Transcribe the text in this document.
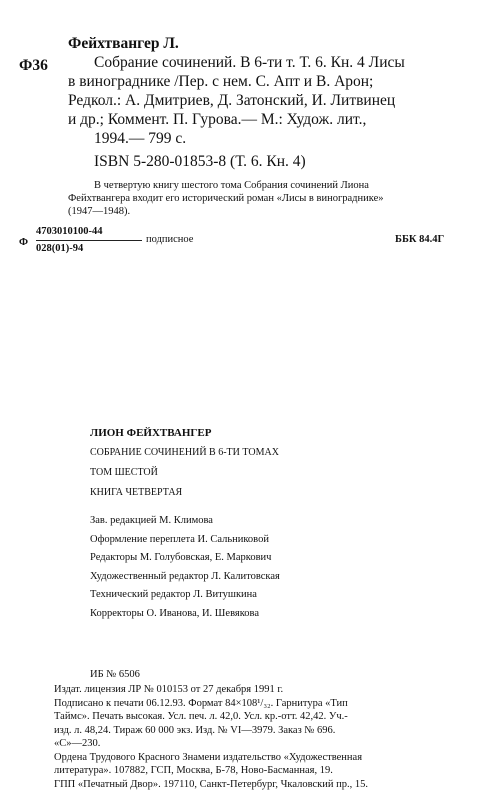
Фейхтвангер Л.
Ф36	Собрание сочинений. В 6-ти т. Т. 6. Кн. 4 Лисы
в винограднике /Пер. с нем. С. Апт и В. Арон;
Редкол.: А. Дмитриев, Д. Затонский, И. Литвинец
и др.; Коммент. П. Гурова.— М.: Худож. лит.,
1994.— 799 с.
ISBN 5-280-01853-8 (Т. 6. Кн. 4)
В четвертую книгу шестого тома Собрания сочинений Лиона
Фейхтвангера входит его исторический роман «Лисы в винограднике»
(1947—1948).
Ф
4703010100-44
028(01)-94
подписное	ББК 84.4Г
ЛИОН ФЕЙХТВАНГЕР
СОБРАНИЕ СОЧИНЕНИЙ В 6-ТИ ТОМАХ
ТОМ ШЕСТОЙ
КНИГА ЧЕТВЕРТАЯ
Зав. редакцией М. Климова
Оформление переплета И. Сальниковой
Редакторы М. Голубовская, Е. Маркович
Художественный редактор Л. Калитовская
Технический редактор Л. Витушкина
Корректоры О. Иванова, И. Шевякова
ИБ № 6506
Издат. лицензия ЛР № 010153 от 27 декабря 1991 г.
Подписано к печати 06.12.93. Формат 84×108¹/₃₂. Гарнитура «Тип
Таймс». Печать высокая. Усл. печ. л. 42,0. Усл. кр.-отт. 42,42. Уч.-
изд. л. 48,24. Тираж 60 000 экз. Изд. № VI—3979. Заказ № 696.
«С»—230.
Ордена Трудового Красного Знамени издательство «Художественная
литература». 107882, ГСП, Москва, Б-78, Ново-Басманная, 19.
ГПП «Печатный Двор». 197110, Санкт-Петербург, Чкаловский пр., 15.
